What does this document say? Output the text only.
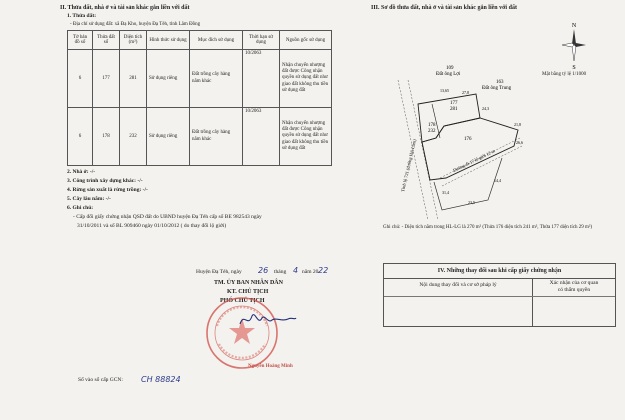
II. Thửa đất, nhà ở và tài sản khác gắn liền với đất
1. Thửa đất:
- Địa chỉ sử dụng đất: xã Đạ Kho, huyện Đạ Tẻh, tỉnh Lâm Đồng
Tờ bản đồ số	Thửa đất số	Diện tích (m²)	Hình thức sử dụng	Mục đích sử dụng	Thời hạn sử dụng	Nguồn gốc sử dụng
6	177	281	Sử dụng riêng	Đất trồng cây hàng năm khác	10/2063	Nhận chuyển nhượng đất được Công nhận quyền sử dụng đất như giao đất không thu tiền sử dụng đất

6	178	232	Sử dụng riêng	Đất trồng cây hàng năm khác	10/2063	Nhận chuyển nhượng đất được Công nhận quyền sử dụng đất như giao đất không thu tiền sử dụng đất
2. Nhà ở: -/-
3. Công trình xây dựng khác: -/-
4. Rừng sản xuất là rừng trồng: -/-
5. Cây lâu năm: -/-
6. Ghi chú:
- Cấp đổi giấy chứng nhận QSD đất do UBND huyện Đạ Tẻh cấp số BE 982543 ngày
31/10/2011 và số BL 909460 ngày 01/10/2012 ( do thay đổi lộ giới)
Huyện Đạ Tẻh, ngày 26 tháng 4 năm 20 22
TM. ỦY BAN NHÂN DÂN
KT. CHỦ TỊCH
PHÓ CHỦ TỊCH
Nguyễn Hoàng Minh
Số vào sổ cấp GCN: CH 88824
III. Sơ đồ thửa đất, nhà ở và tài sản khác gắn liền với đất
N
S
Mặt bằng tỷ lệ 1/1000
109
Đất ông Lợi
163
Đất ông Trung
177
281
178
232
176
Tỉnh lộ 721 (đường Hải Lâm)	Đường đi 17 lộ giới 12 m
13,65	27,8
24,3
21,8
26,6
14,4
23,5
31,4
Ghi chú: - Diện tích nằm trong HL-LG là 270 m² (Thửa 176 diện tích 241 m², Thửa 177 diện tích 29 m²)
IV. Những thay đổi sau khi cấp giấy chứng nhận
Nội dung thay đổi và cơ sở pháp lý	Xác nhận của cơ quan
có thẩm quyền
